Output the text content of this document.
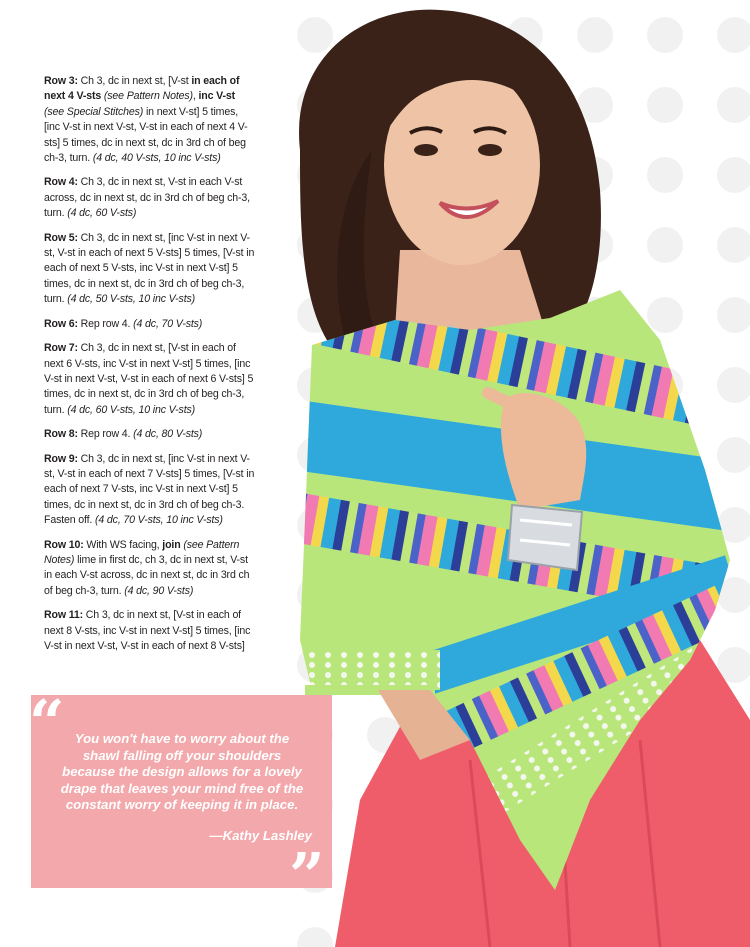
Row 3: Ch 3, dc in next st, [V-st in each of next 4 V-sts (see Pattern Notes), inc V-st (see Special Stitches) in next V-st] 5 times, [inc V-st in next V-st, V-st in each of next 4 V-sts] 5 times, dc in next st, dc in 3rd ch of beg ch-3, turn. (4 dc, 40 V-sts, 10 inc V-sts)
Row 4: Ch 3, dc in next st, V-st in each V-st across, dc in next st, dc in 3rd ch of beg ch-3, turn. (4 dc, 60 V-sts)
Row 5: Ch 3, dc in next st, [inc V-st in next V-st, V-st in each of next 5 V-sts] 5 times, [V-st in each of next 5 V-sts, inc V-st in next V-st] 5 times, dc in next st, dc in 3rd ch of beg ch-3, turn. (4 dc, 50 V-sts, 10 inc V-sts)
Row 6: Rep row 4. (4 dc, 70 V-sts)
Row 7: Ch 3, dc in next st, [V-st in each of next 6 V-sts, inc V-st in next V-st] 5 times, [inc V-st in next V-st, V-st in each of next 6 V-sts] 5 times, dc in next st, dc in 3rd ch of beg ch-3, turn. (4 dc, 60 V-sts, 10 inc V-sts)
Row 8: Rep row 4. (4 dc, 80 V-sts)
Row 9: Ch 3, dc in next st, [inc V-st in next V-st, V-st in each of next 7 V-sts] 5 times, [V-st in each of next 7 V-sts, inc V-st in next V-st] 5 times, dc in next st, dc in 3rd ch of beg ch-3. Fasten off. (4 dc, 70 V-sts, 10 inc V-sts)
Row 10: With WS facing, join (see Pattern Notes) lime in first dc, ch 3, dc in next st, V-st in each V-st across, dc in next st, dc in 3rd ch of beg ch-3, turn. (4 dc, 90 V-sts)
Row 11: Ch 3, dc in next st, [V-st in each of next 8 V-sts, inc V-st in next V-st] 5 times, [inc V-st in next V-st, V-st in each of next 8 V-sts]
“ You won't have to worry about the shawl falling off your shoulders because the design allows for a lovely drape that leaves your mind free of the constant worry of keeping it in place.
—Kathy Lashley
”
